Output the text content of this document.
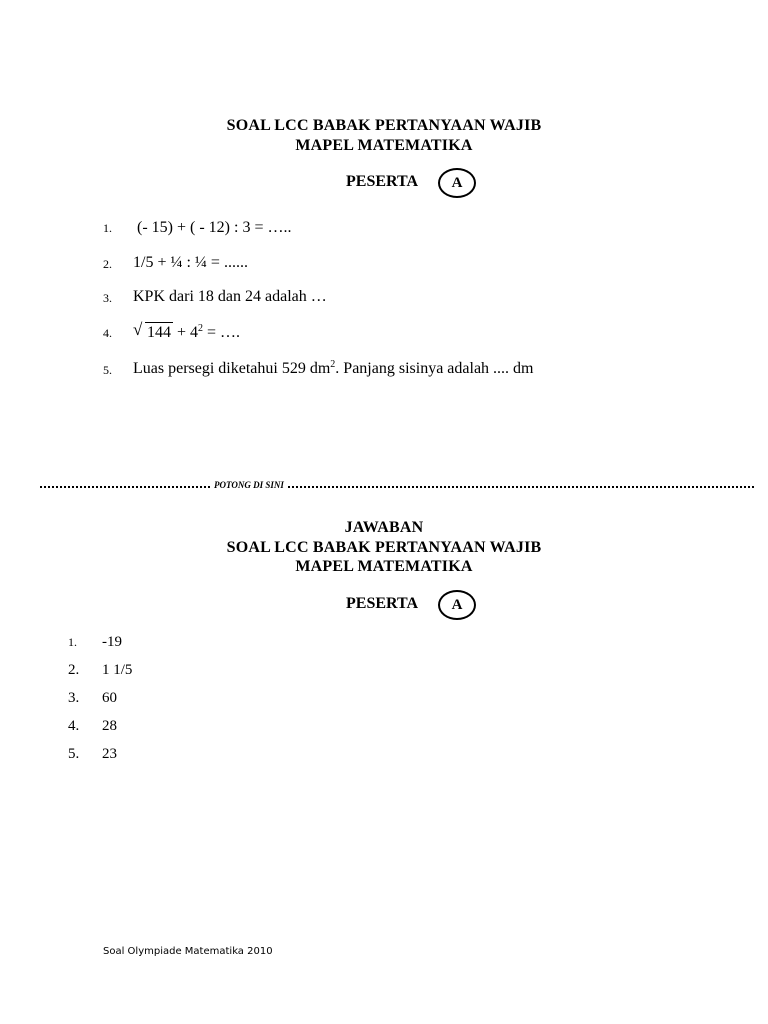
SOAL LCC BABAK PERTANYAAN WAJIB
MAPEL MATEMATIKA
PESERTA A
1. (- 15) + ( - 12) : 3 = …..
2. 1/5 + ¼ : ¼ = ......
3. KPK dari 18 dan 24 adalah …
4. √ $144 + 4^2$ = ….
5. Luas persegi diketahui 529 $dm^2$. Panjang sisinya adalah .... dm
POTONG DI SINI
JAWABAN
SOAL LCC BABAK PERTANYAAN WAJIB
MAPEL MATEMATIKA
PESERTA A
1. -19
2. 1 1/5
3. 60
4. 28
5. 23
Soal Olympiade Matematika 2010
